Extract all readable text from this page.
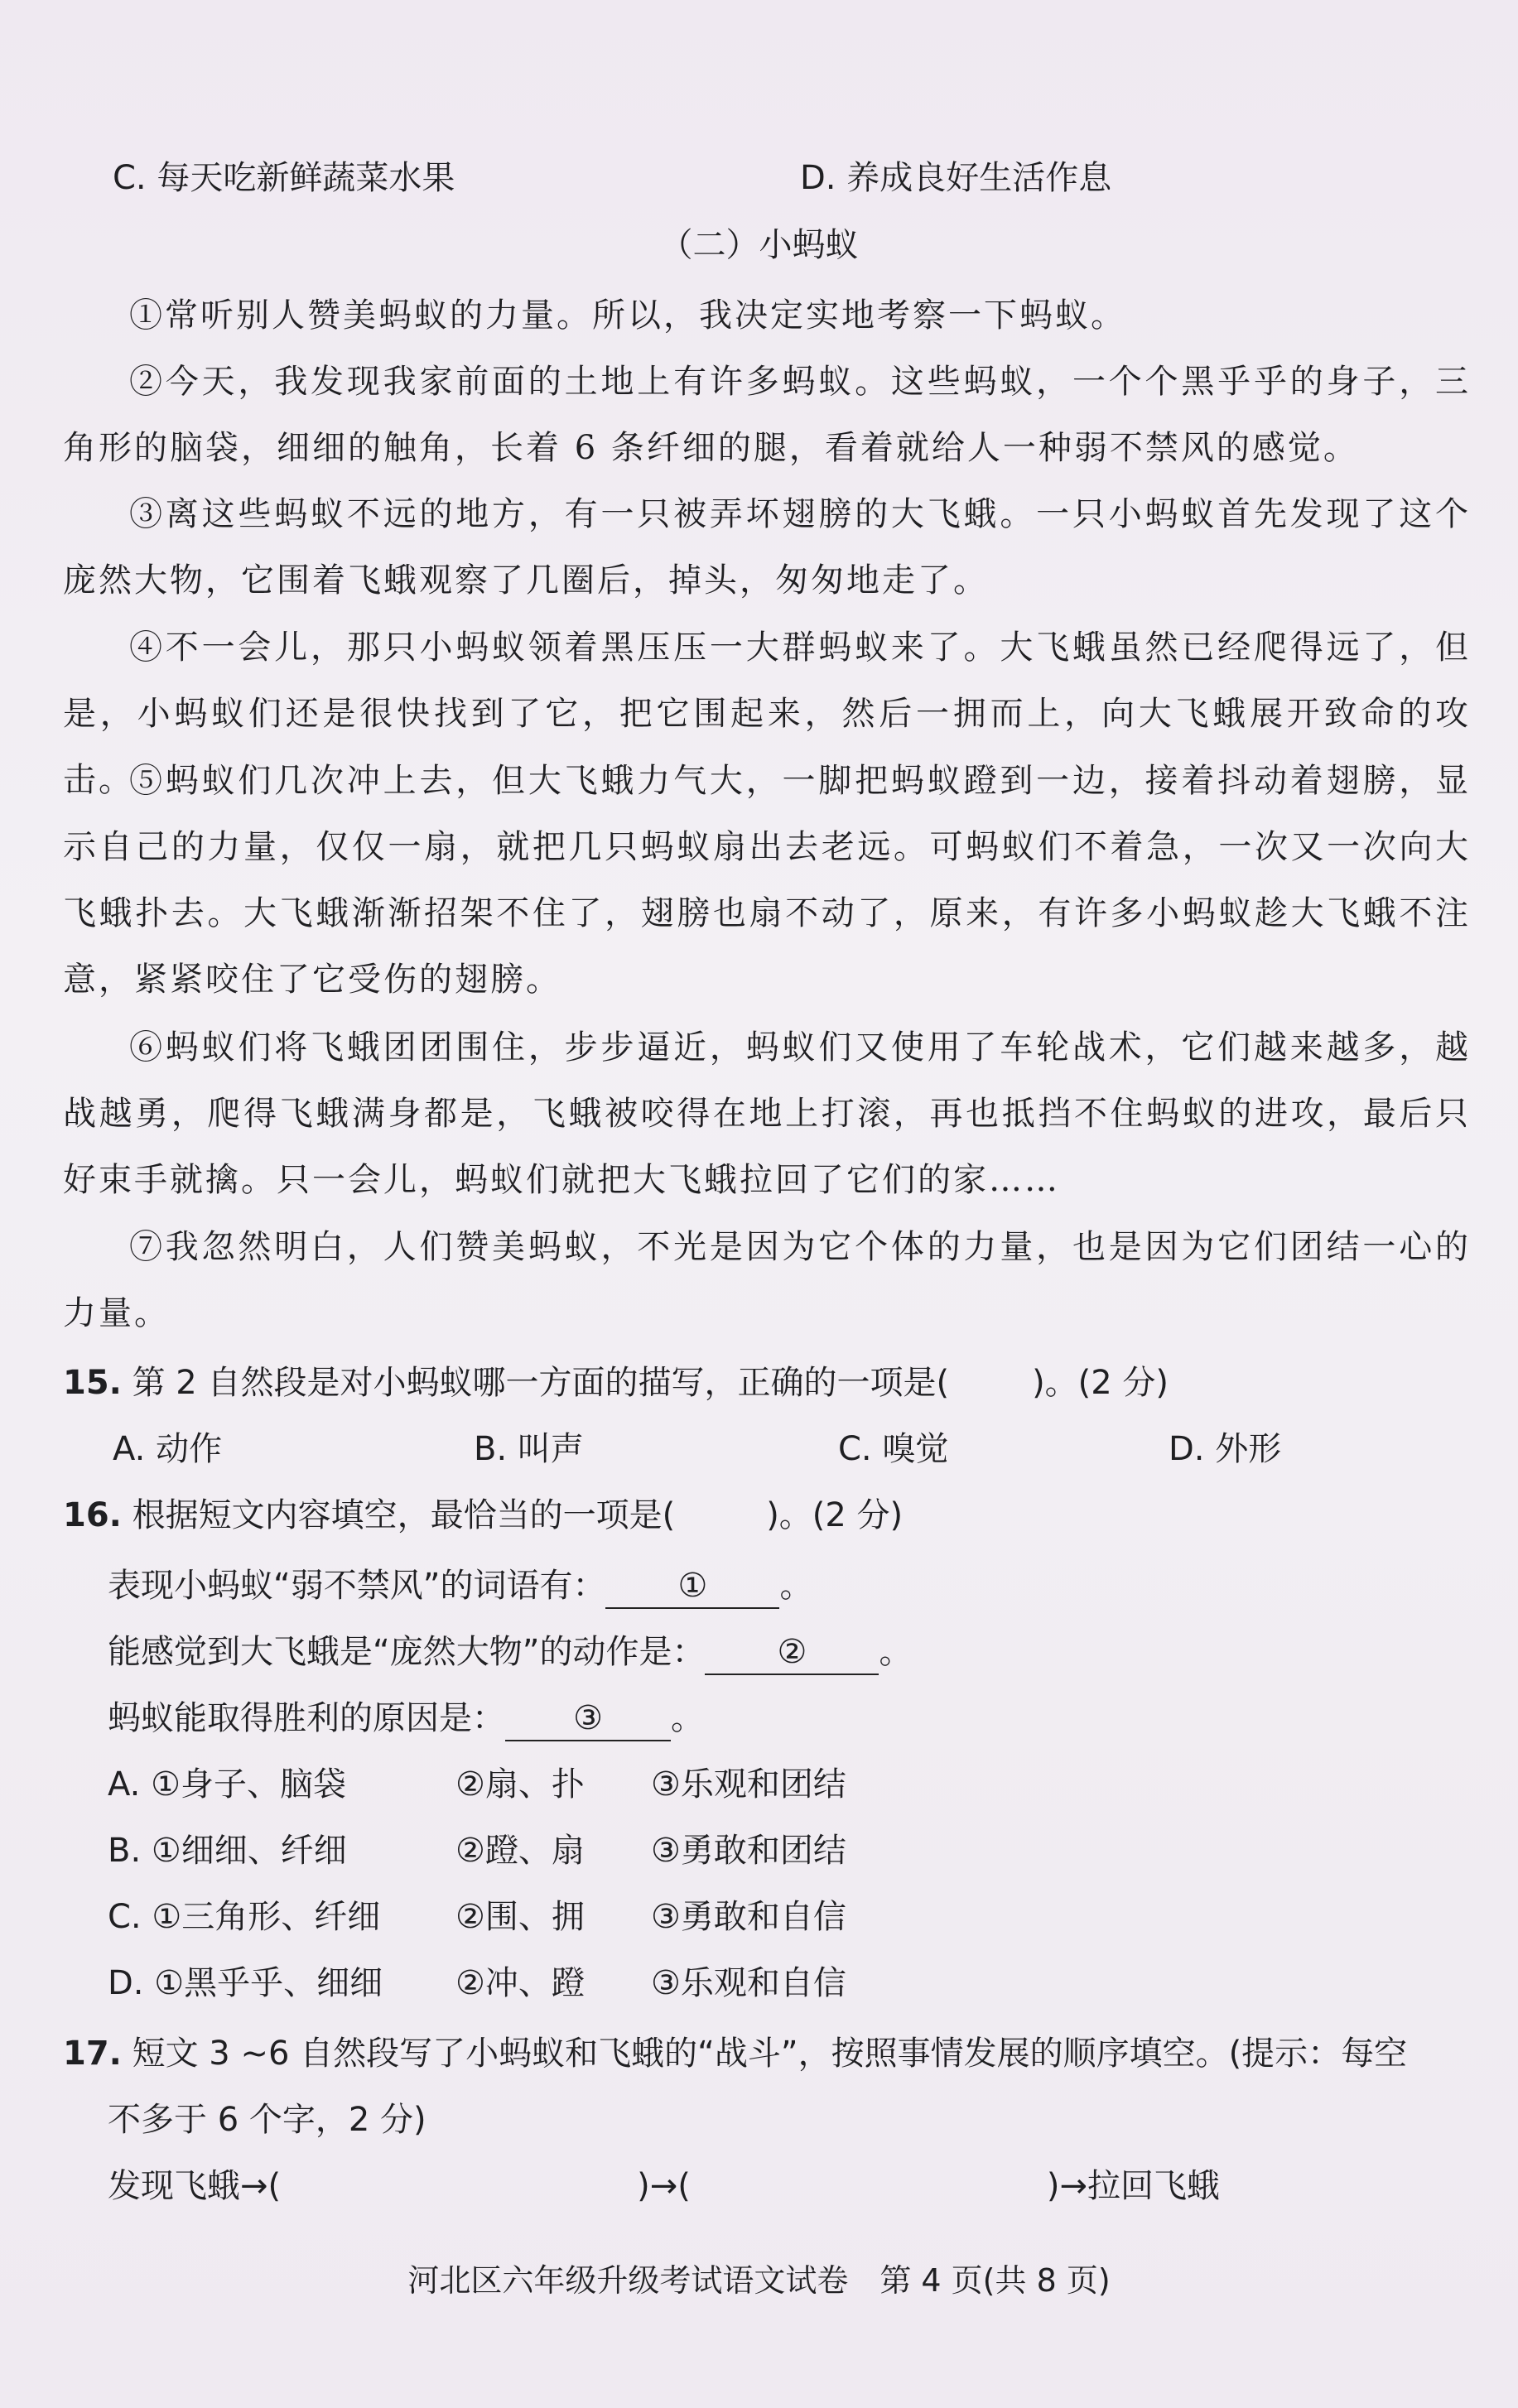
C. 每天吃新鲜蔬菜水果	D. 养成良好生活作息
（二）小蚂蚁
①常听别人赞美蚂蚁的力量。所以，我决定实地考察一下蚂蚁。
②今天，我发现我家前面的土地上有许多蚂蚁。这些蚂蚁，一个个黑乎乎的身子，三角形的脑袋，细细的触角，长着 6 条纤细的腿，看着就给人一种弱不禁风的感觉。
③离这些蚂蚁不远的地方，有一只被弄坏翅膀的大飞蛾。一只小蚂蚁首先发现了这个庞然大物，它围着飞蛾观察了几圈后，掉头，匆匆地走了。
④不一会儿，那只小蚂蚁领着黑压压一大群蚂蚁来了。大飞蛾虽然已经爬得远了，但是，小蚂蚁们还是很快找到了它，把它围起来，然后一拥而上，向大飞蛾展开致命的攻击。
⑤蚂蚁们几次冲上去，但大飞蛾力气大，一脚把蚂蚁蹬到一边，接着抖动着翅膀，显示自己的力量，仅仅一扇，就把几只蚂蚁扇出去老远。可蚂蚁们不着急，一次又一次向大飞蛾扑去。大飞蛾渐渐招架不住了，翅膀也扇不动了，原来，有许多小蚂蚁趁大飞蛾不注意，紧紧咬住了它受伤的翅膀。
⑥蚂蚁们将飞蛾团团围住，步步逼近，蚂蚁们又使用了车轮战术，它们越来越多，越战越勇，爬得飞蛾满身都是，飞蛾被咬得在地上打滚，再也抵挡不住蚂蚁的进攻，最后只好束手就擒。只一会儿，蚂蚁们就把大飞蛾拉回了它们的家……
⑦我忽然明白，人们赞美蚂蚁，不光是因为它个体的力量，也是因为它们团结一心的力量。
15. 第 2 自然段是对小蚂蚁哪一方面的描写，正确的一项是(	)。(2 分)
A. 动作	B. 叫声	C. 嗅觉	D. 外形
16. 根据短文内容填空，最恰当的一项是(	)。(2 分)
表现小蚂蚁“弱不禁风”的词语有： ① 。
能感觉到大飞蛾是“庞然大物”的动作是： ② 。
蚂蚁能取得胜利的原因是： ③ 。
A. ①身子、脑袋	②扇、扑 ③乐观和团结
B. ①细细、纤细	②蹬、扇 ③勇敢和团结
C. ①三角形、纤细 ②围、拥 ③勇敢和自信
D. ①黑乎乎、细细 ②冲、蹬 ③乐观和自信
17. 短文 3 ~6 自然段写了小蚂蚁和飞蛾的“战斗”，按照事情发展的顺序填空。(提示：每空
不多于 6 个字，2 分)
发现飞蛾→(	)→(	)→拉回飞蛾
河北区六年级升级考试语文试卷　第 4 页(共 8 页)
